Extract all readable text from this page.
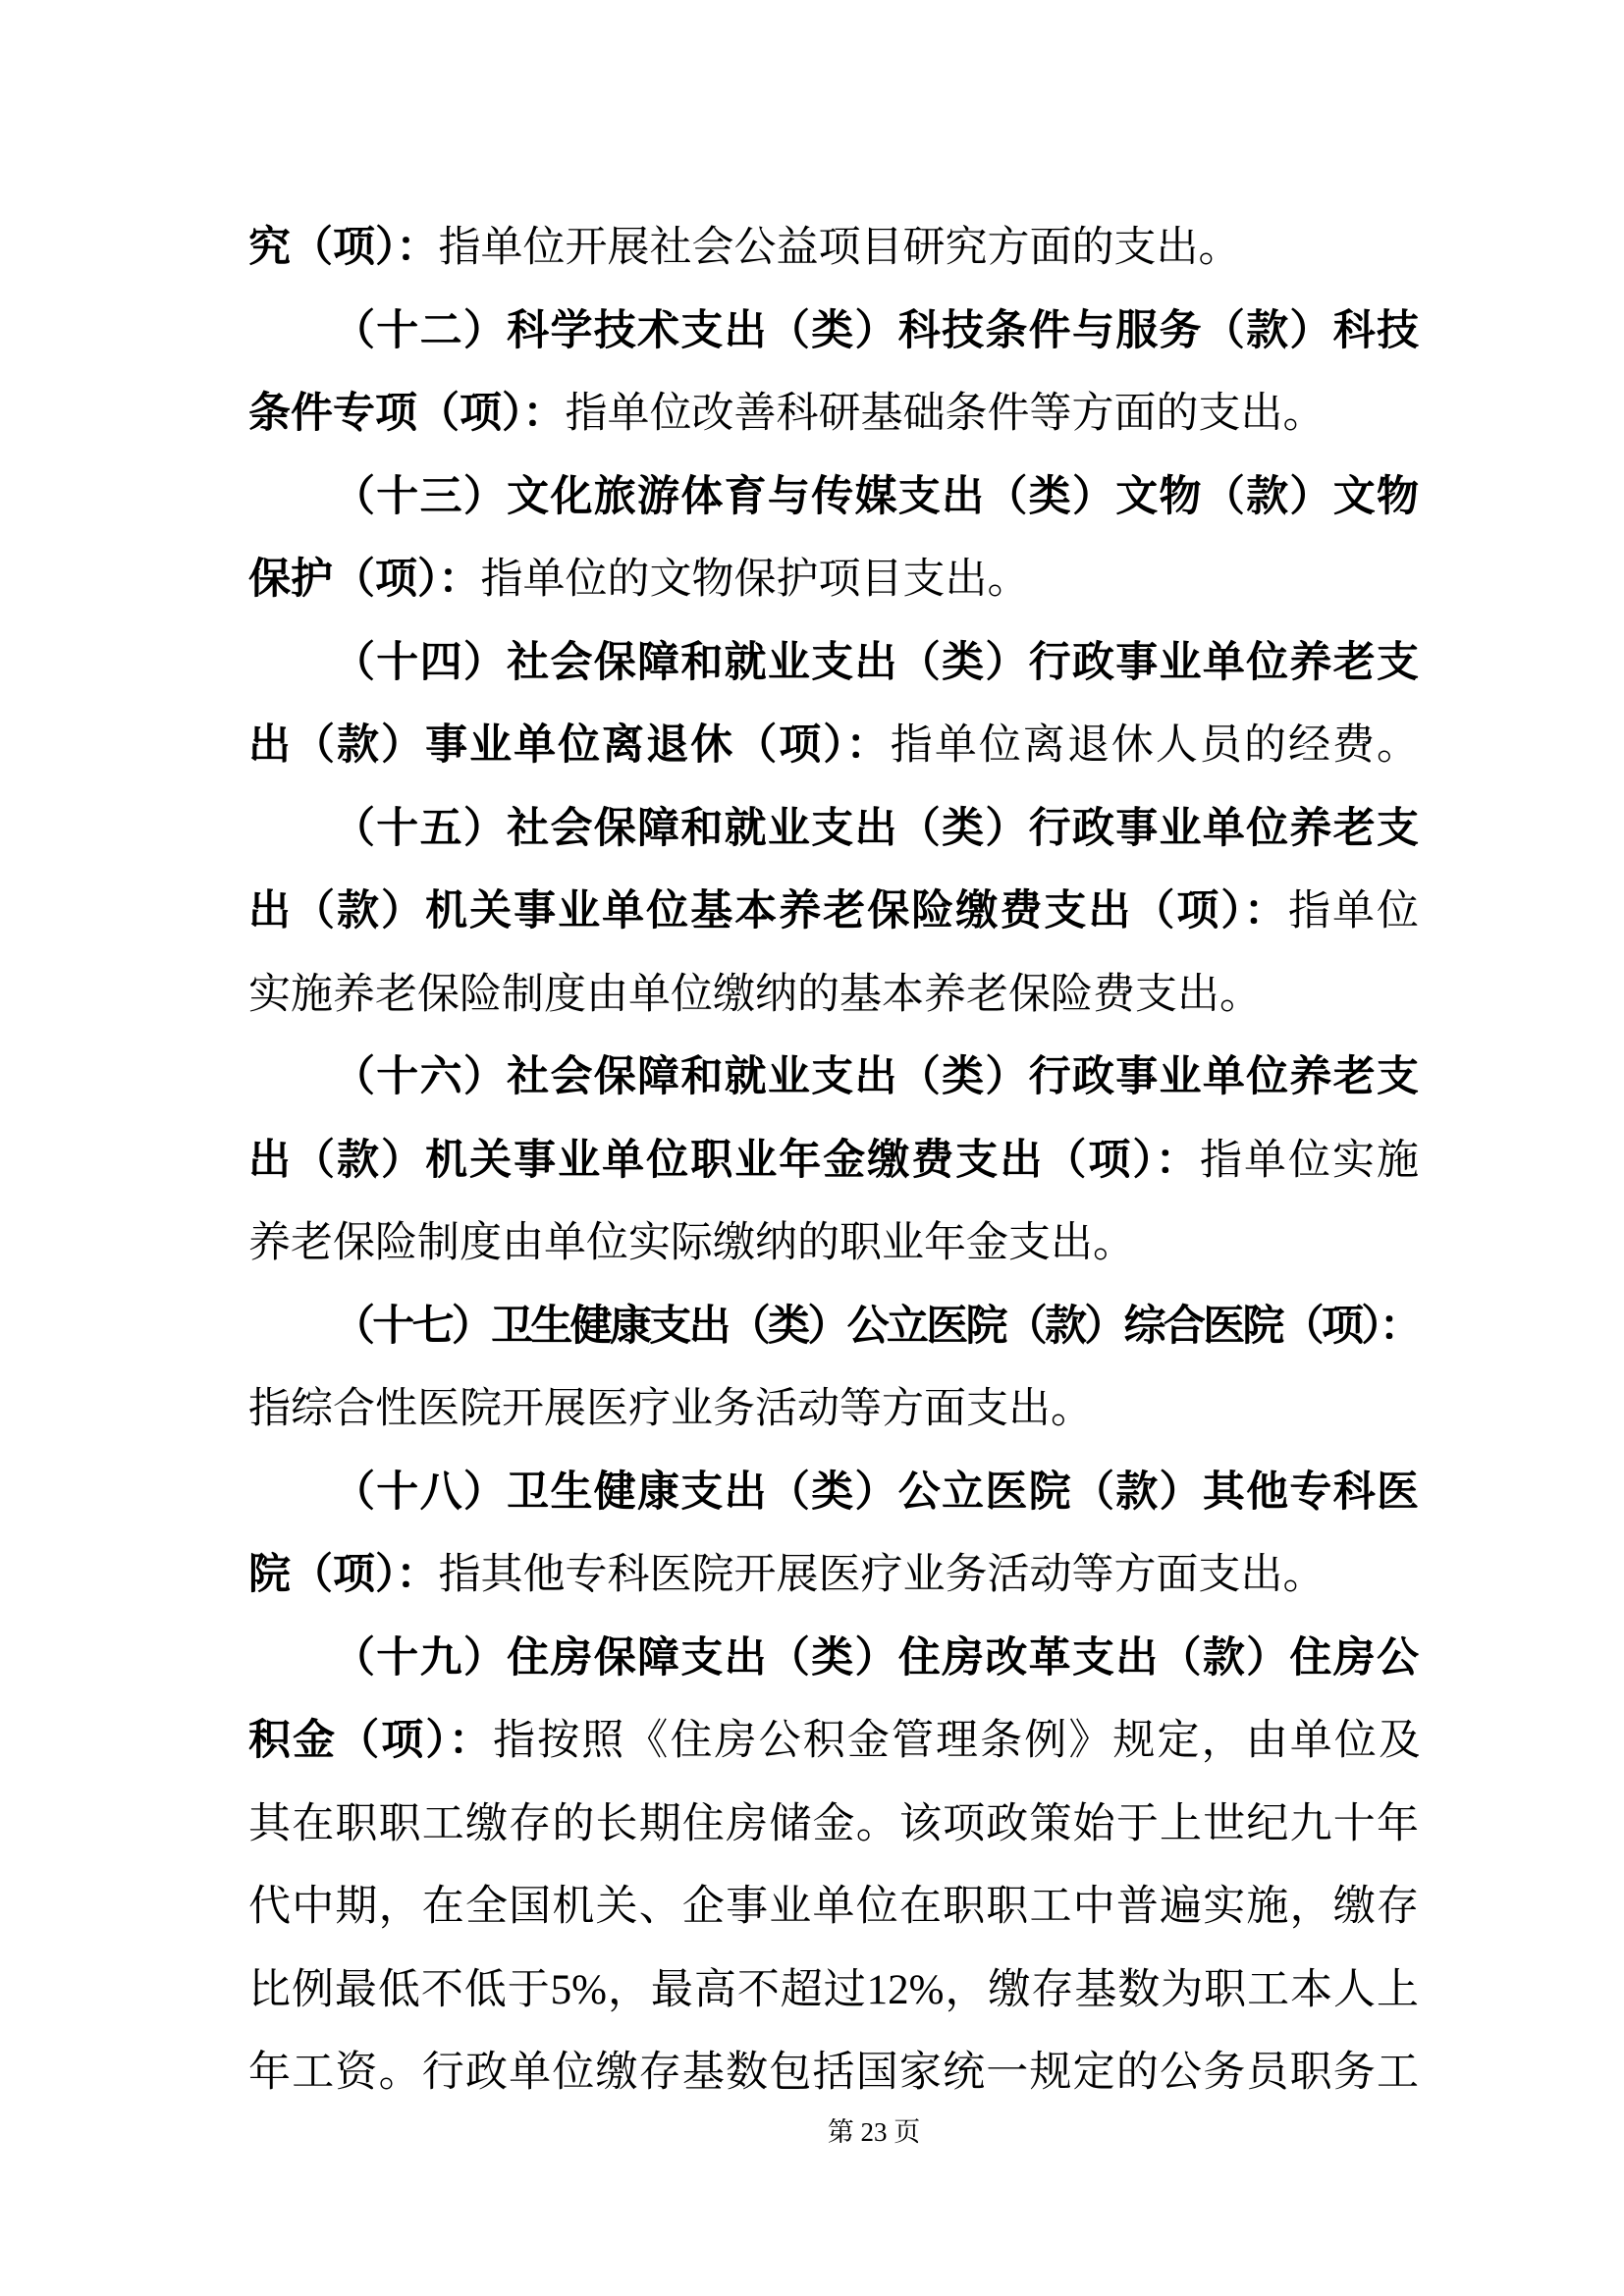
究（项）：指单位开展社会公益项目研究方面的支出。
（十二）科学技术支出（类）科技条件与服务（款）科技
条件专项（项）：指单位改善科研基础条件等方面的支出。
（十三）文化旅游体育与传媒支出（类）文物（款）文物
保护（项）：指单位的文物保护项目支出。
（十四）社会保障和就业支出（类）行政事业单位养老支
出（款）事业单位离退休（项）：指单位离退休人员的经费。
（十五）社会保障和就业支出（类）行政事业单位养老支
出（款）机关事业单位基本养老保险缴费支出（项）：指单位
实施养老保险制度由单位缴纳的基本养老保险费支出。
（十六）社会保障和就业支出（类）行政事业单位养老支
出（款）机关事业单位职业年金缴费支出（项）：指单位实施
养老保险制度由单位实际缴纳的职业年金支出。
（十七）卫生健康支出（类）公立医院（款）综合医院（项）：
指综合性医院开展医疗业务活动等方面支出。
（十八）卫生健康支出（类）公立医院（款）其他专科医
院（项）：指其他专科医院开展医疗业务活动等方面支出。
（十九）住房保障支出（类）住房改革支出（款）住房公
积金（项）：指按照《住房公积金管理条例》规定，由单位及
其在职职工缴存的长期住房储金。该项政策始于上世纪九十年
代中期，在全国机关、企事业单位在职职工中普遍实施，缴存
比例最低不低于5%，最高不超过12%，缴存基数为职工本人上
年工资。行政单位缴存基数包括国家统一规定的公务员职务工
第 23 页
